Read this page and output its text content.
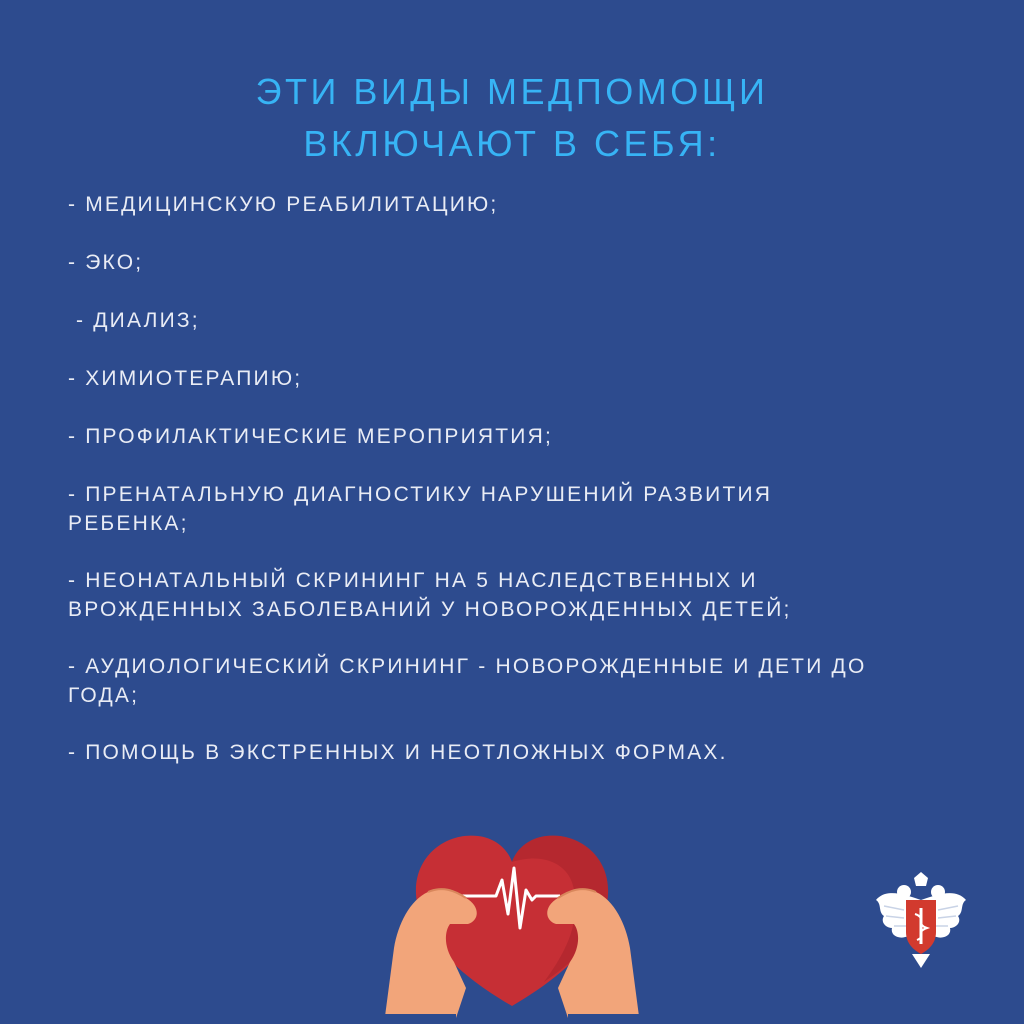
ЭТИ ВИДЫ МЕДПОМОЩИ
ВКЛЮЧАЮТ В СЕБЯ:
- МЕДИЦИНСКУЮ РЕАБИЛИТАЦИЮ;
- ЭКО;
- ДИАЛИЗ;
- ХИМИОТЕРАПИЮ;
- ПРОФИЛАКТИЧЕСКИЕ МЕРОПРИЯТИЯ;
- ПРЕНАТАЛЬНУЮ ДИАГНОСТИКУ НАРУШЕНИЙ РАЗВИТИЯ
РЕБЕНКА;
- НЕОНАТАЛЬНЫЙ СКРИНИНГ НА 5 НАСЛЕДСТВЕННЫХ И
ВРОЖДЕННЫХ ЗАБОЛЕВАНИЙ У НОВОРОЖДЕННЫХ ДЕТЕЙ;
- АУДИОЛОГИЧЕСКИЙ СКРИНИНГ - НОВОРОЖДЕННЫЕ И ДЕТИ ДО
ГОДА;
- ПОМОЩЬ В ЭКСТРЕННЫХ И НЕОТЛОЖНЫХ ФОРМАХ.
